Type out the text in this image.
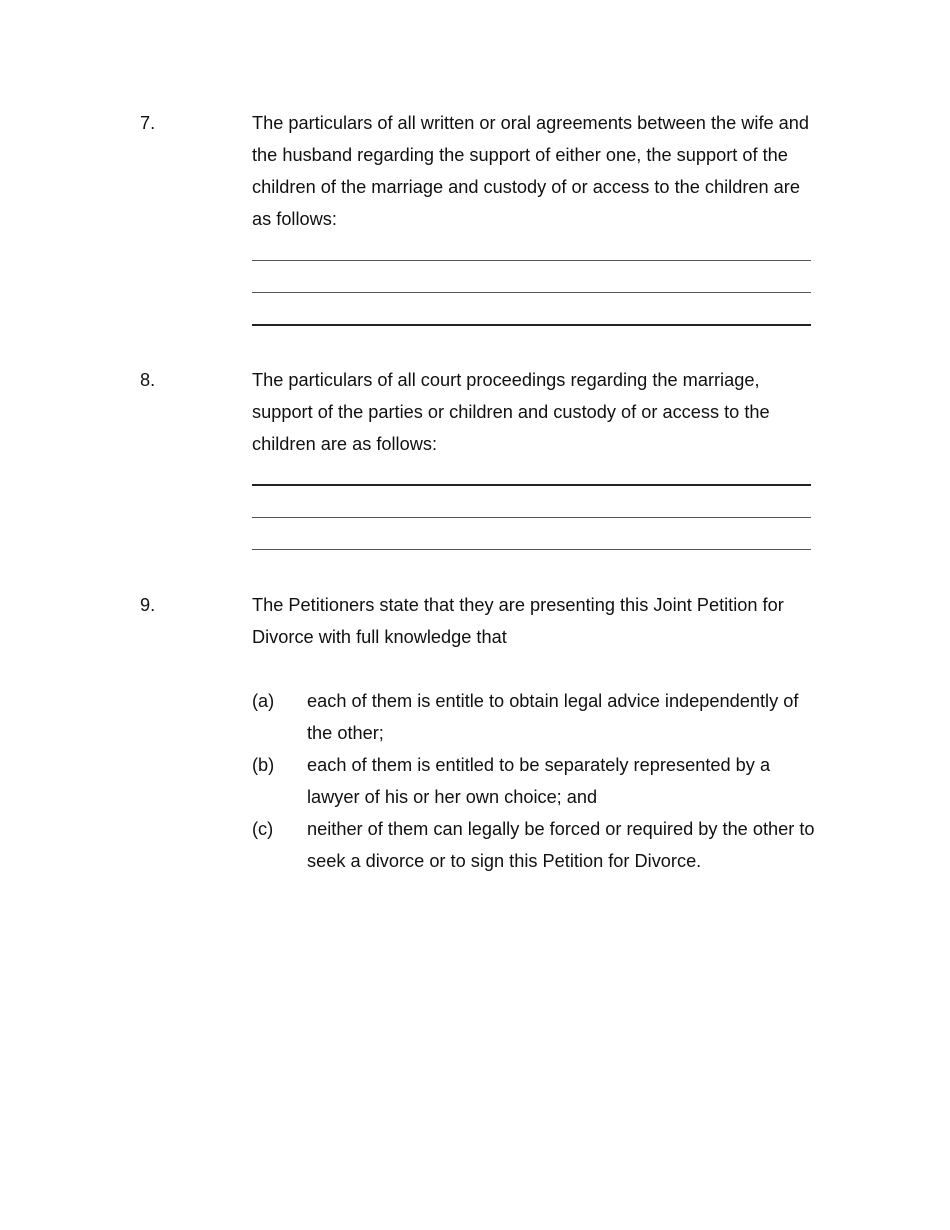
7.	The particulars of all written or oral agreements between the wife and the husband regarding the support of either one, the support of the children of the marriage and custody of or access to the children are as follows:

8.	The particulars of all court proceedings regarding the marriage, support of the parties or children and custody of or access to the children are as follows:

9.	The Petitioners state that they are presenting this Joint Petition for Divorce with full knowledge that

(a) each of them is entitle to obtain legal advice independently of the other;

(b) each of them is entitled to be separately represented by a lawyer of his or her own choice; and

(c) neither of them can legally be forced or required by the other to seek a divorce or to sign this Petition for Divorce.
